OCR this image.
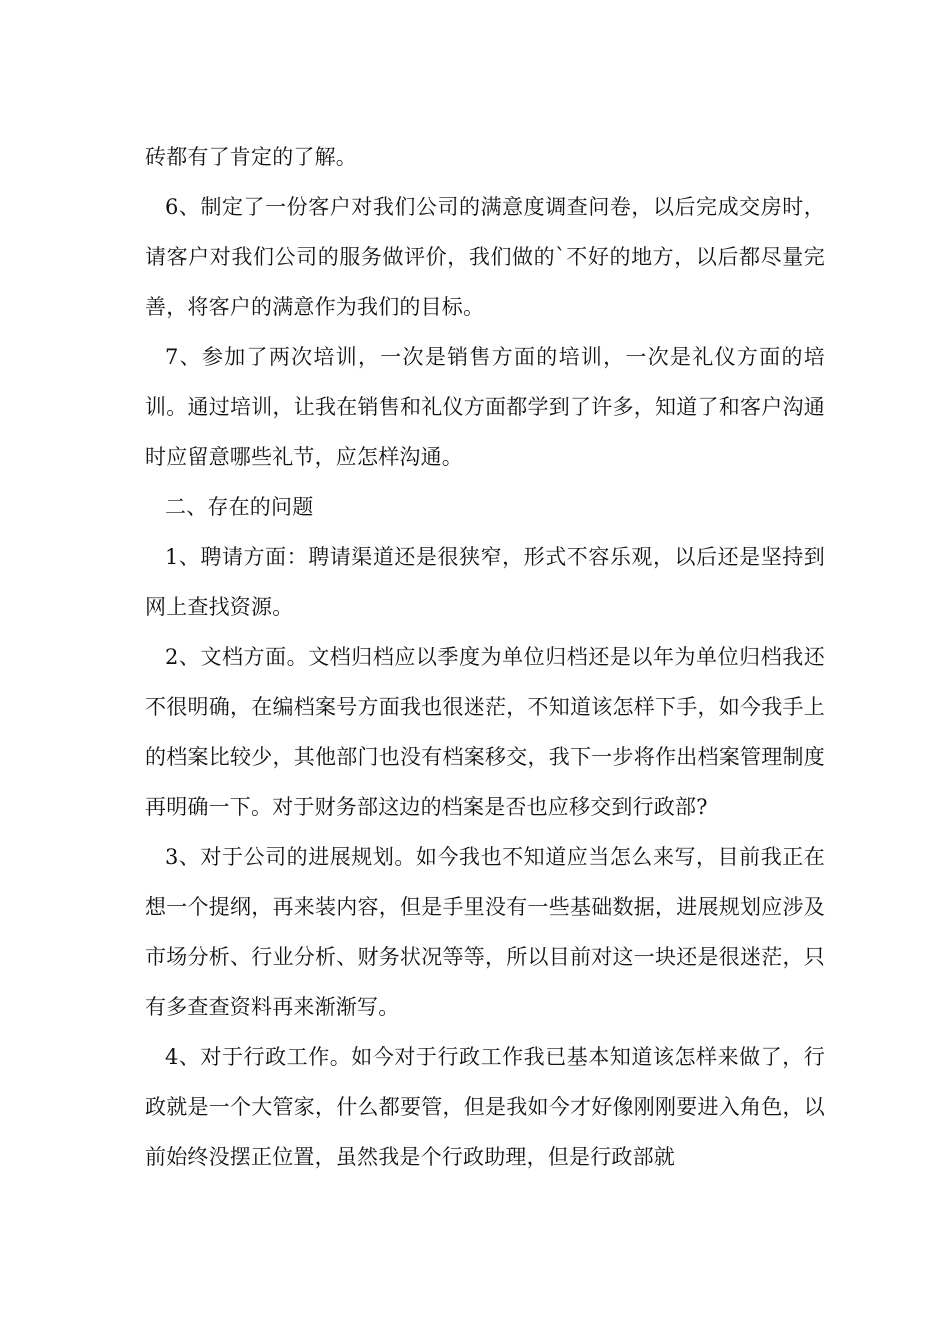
砖都有了肯定的了解。

6、制定了一份客户对我们公司的满意度调查问卷，以后完成交房时，请客户对我们公司的服务做评价，我们做的`不好的地方，以后都尽量完善，将客户的满意作为我们的目标。

7、参加了两次培训，一次是销售方面的培训，一次是礼仪方面的培训。通过培训，让我在销售和礼仪方面都学到了许多，知道了和客户沟通时应留意哪些礼节，应怎样沟通。

二、存在的问题

1、聘请方面：聘请渠道还是很狭窄，形式不容乐观，以后还是坚持到网上查找资源。

2、文档方面。文档归档应以季度为单位归档还是以年为单位归档我还不很明确，在编档案号方面我也很迷茫，不知道该怎样下手，如今我手上的档案比较少，其他部门也没有档案移交，我下一步将作出档案管理制度再明确一下。对于财务部这边的档案是否也应移交到行政部?

3、对于公司的进展规划。如今我也不知道应当怎么来写，目前我正在想一个提纲，再来装内容，但是手里没有一些基础数据，进展规划应涉及市场分析、行业分析、财务状况等等，所以目前对这一块还是很迷茫，只有多查查资料再来渐渐写。

4、对于行政工作。如今对于行政工作我已基本知道该怎样来做了，行政就是一个大管家，什么都要管，但是我如今才好像刚刚要进入角色，以前始终没摆正位置，虽然我是个行政助理，但是行政部就
